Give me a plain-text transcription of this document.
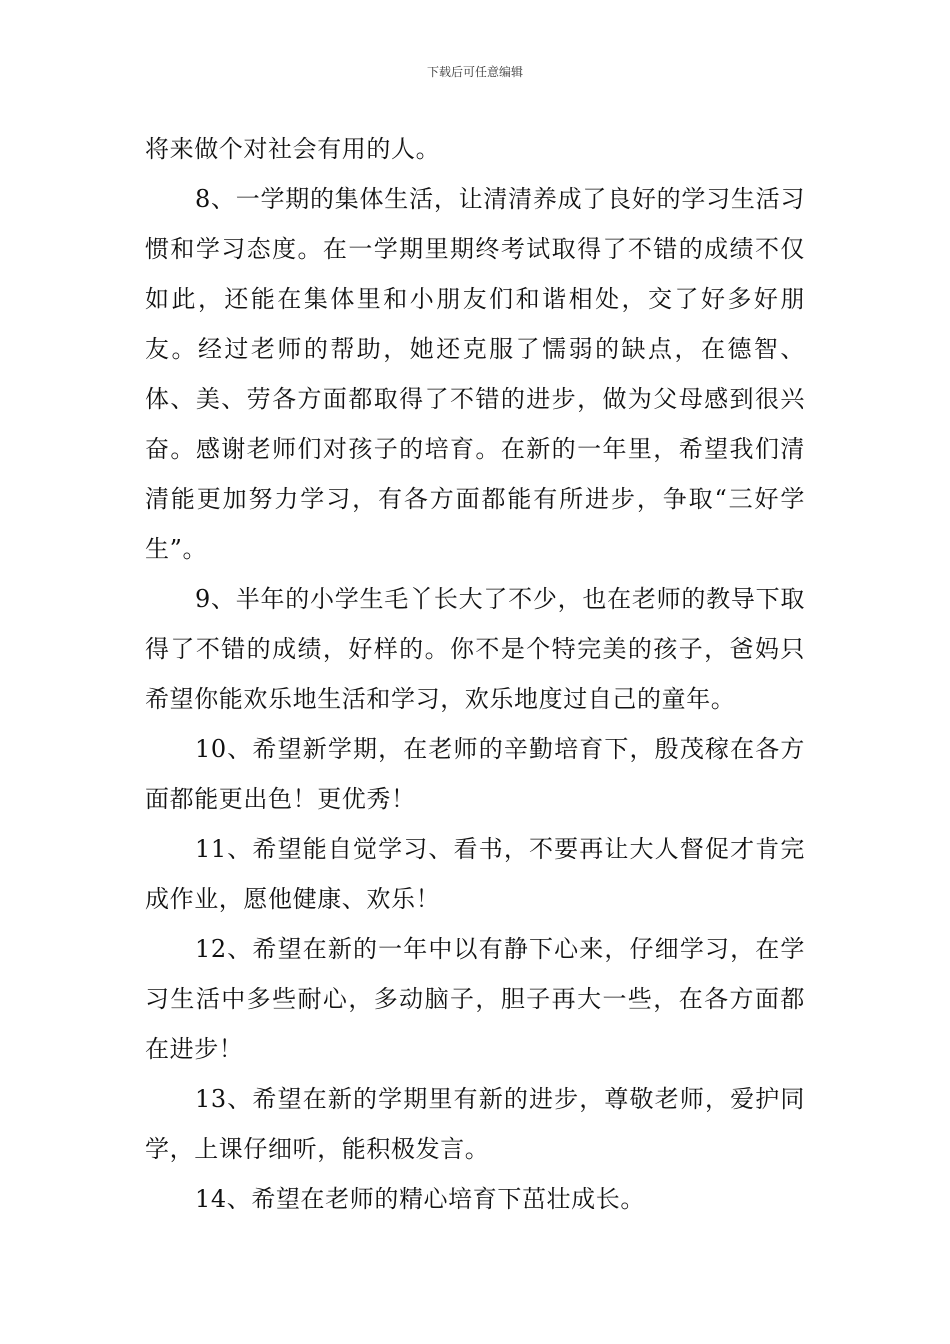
下载后可任意编辑

将来做个对社会有用的人。

8、一学期的集体生活，让清清养成了良好的学习生活习惯和学习态度。在一学期里期终考试取得了不错的成绩不仅如此，还能在集体里和小朋友们和谐相处，交了好多好朋友。经过老师的帮助，她还克服了懦弱的缺点，在德智、体、美、劳各方面都取得了不错的进步，做为父母感到很兴奋。感谢老师们对孩子的培育。在新的一年里，希望我们清清能更加努力学习，有各方面都能有所进步，争取“三好学生”。

9、半年的小学生毛丫长大了不少，也在老师的教导下取得了不错的成绩，好样的。你不是个特完美的孩子，爸妈只希望你能欢乐地生活和学习，欢乐地度过自己的童年。

10、希望新学期，在老师的辛勤培育下，殷茂稼在各方面都能更出色！更优秀！

11、希望能自觉学习、看书，不要再让大人督促才肯完成作业，愿他健康、欢乐！

12、希望在新的一年中以有静下心来，仔细学习，在学习生活中多些耐心，多动脑子，胆子再大一些，在各方面都在进步！

13、希望在新的学期里有新的进步，尊敬老师，爱护同学，上课仔细听，能积极发言。

14、希望在老师的精心培育下茁壮成长。
